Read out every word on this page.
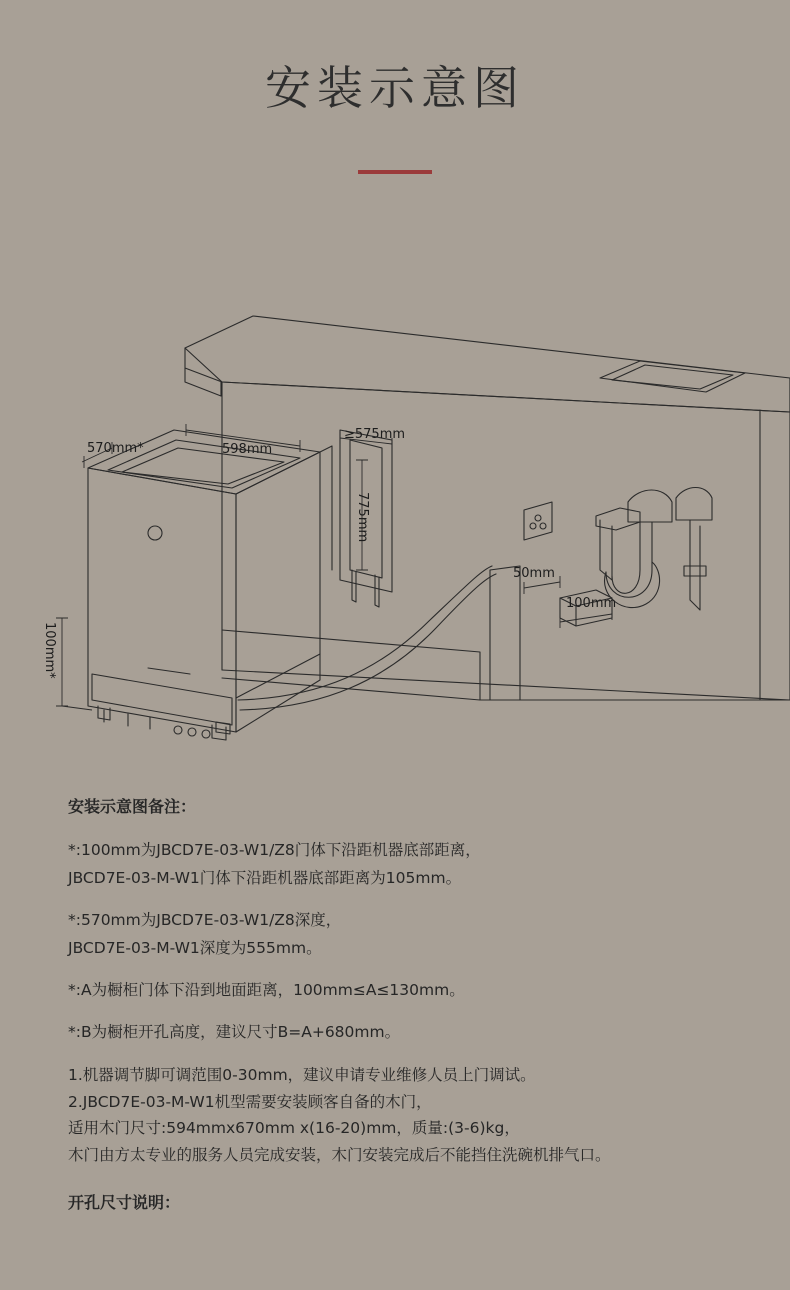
安装示意图
570mm*	598mm
≥575mm
775mm
100mm*
50mm
100mm
安装示意图备注：

*:100mm为JBCD7E-03-W1/Z8门体下沿距机器底部距离，

JBCD7E-03-M-W1门体下沿距机器底部距离为105mm。

*:570mm为JBCD7E-03-W1/Z8深度，

JBCD7E-03-M-W1深度为555mm。

*:A为橱柜门体下沿到地面距离，100mm≤A≤130mm。

*:B为橱柜开孔高度，建议尺寸B=A+680mm。

1.机器调节脚可调范围0-30mm，建议申请专业维修人员上门调试。
2.JBCD7E-03-M-W1机型需要安装顾客自备的木门，
适用木门尺寸:594mmx670mm x(16-20)mm，质量:(3-6)kg，
木门由方太专业的服务人员完成安装，木门安装完成后不能挡住洗碗机排气口。
开孔尺寸说明：
